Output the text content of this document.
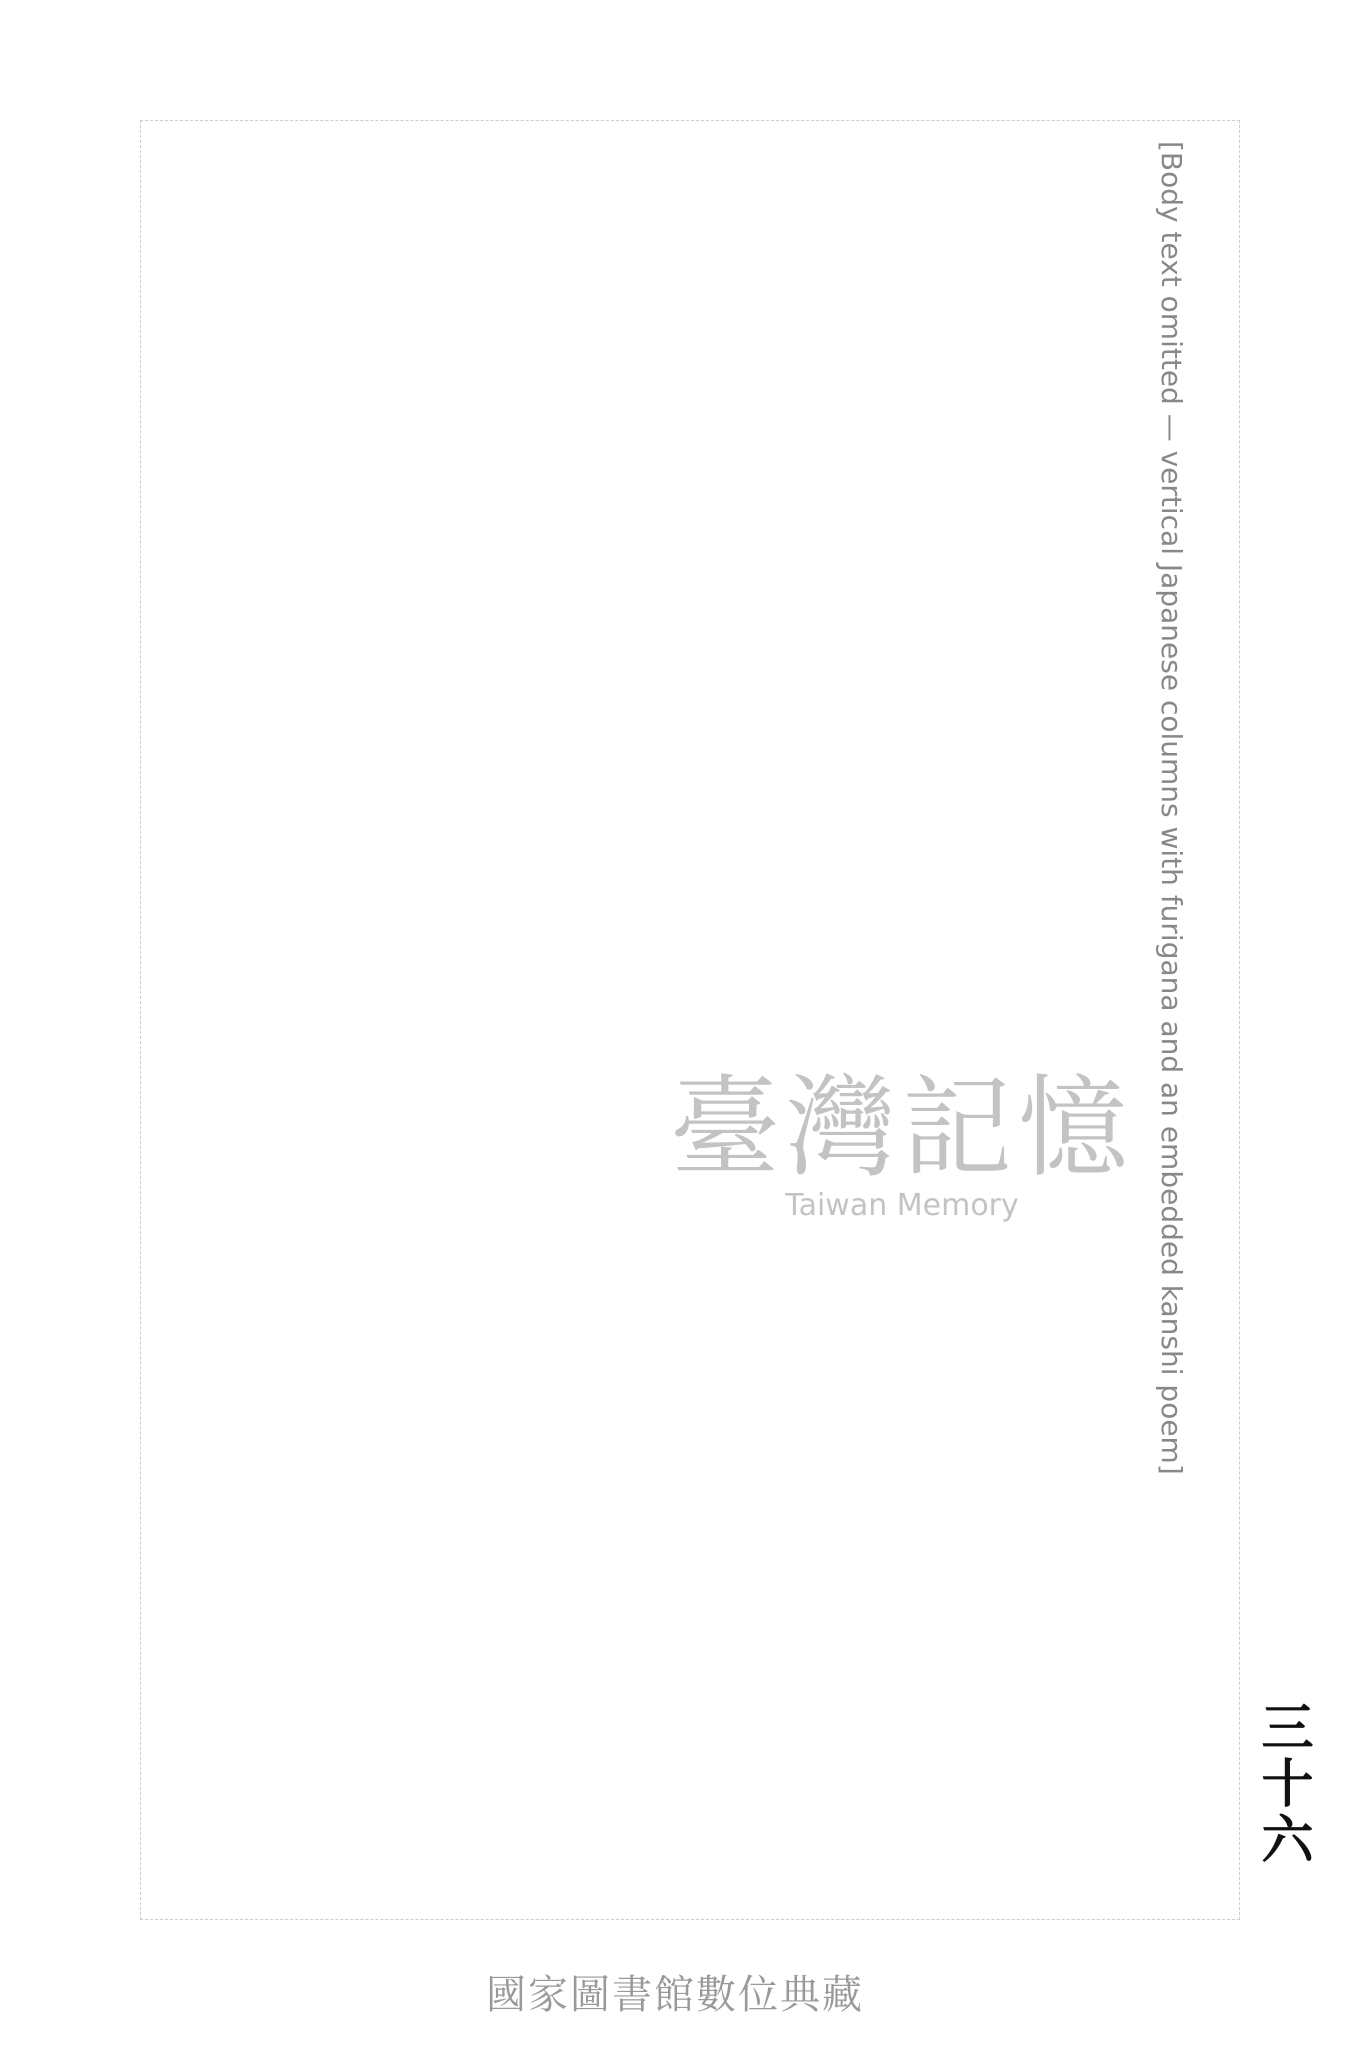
三十六
[Body text omitted — vertical Japanese columns with furigana and an embedded kanshi poem]
臺灣記憶
Taiwan Memory
國家圖書館數位典藏
